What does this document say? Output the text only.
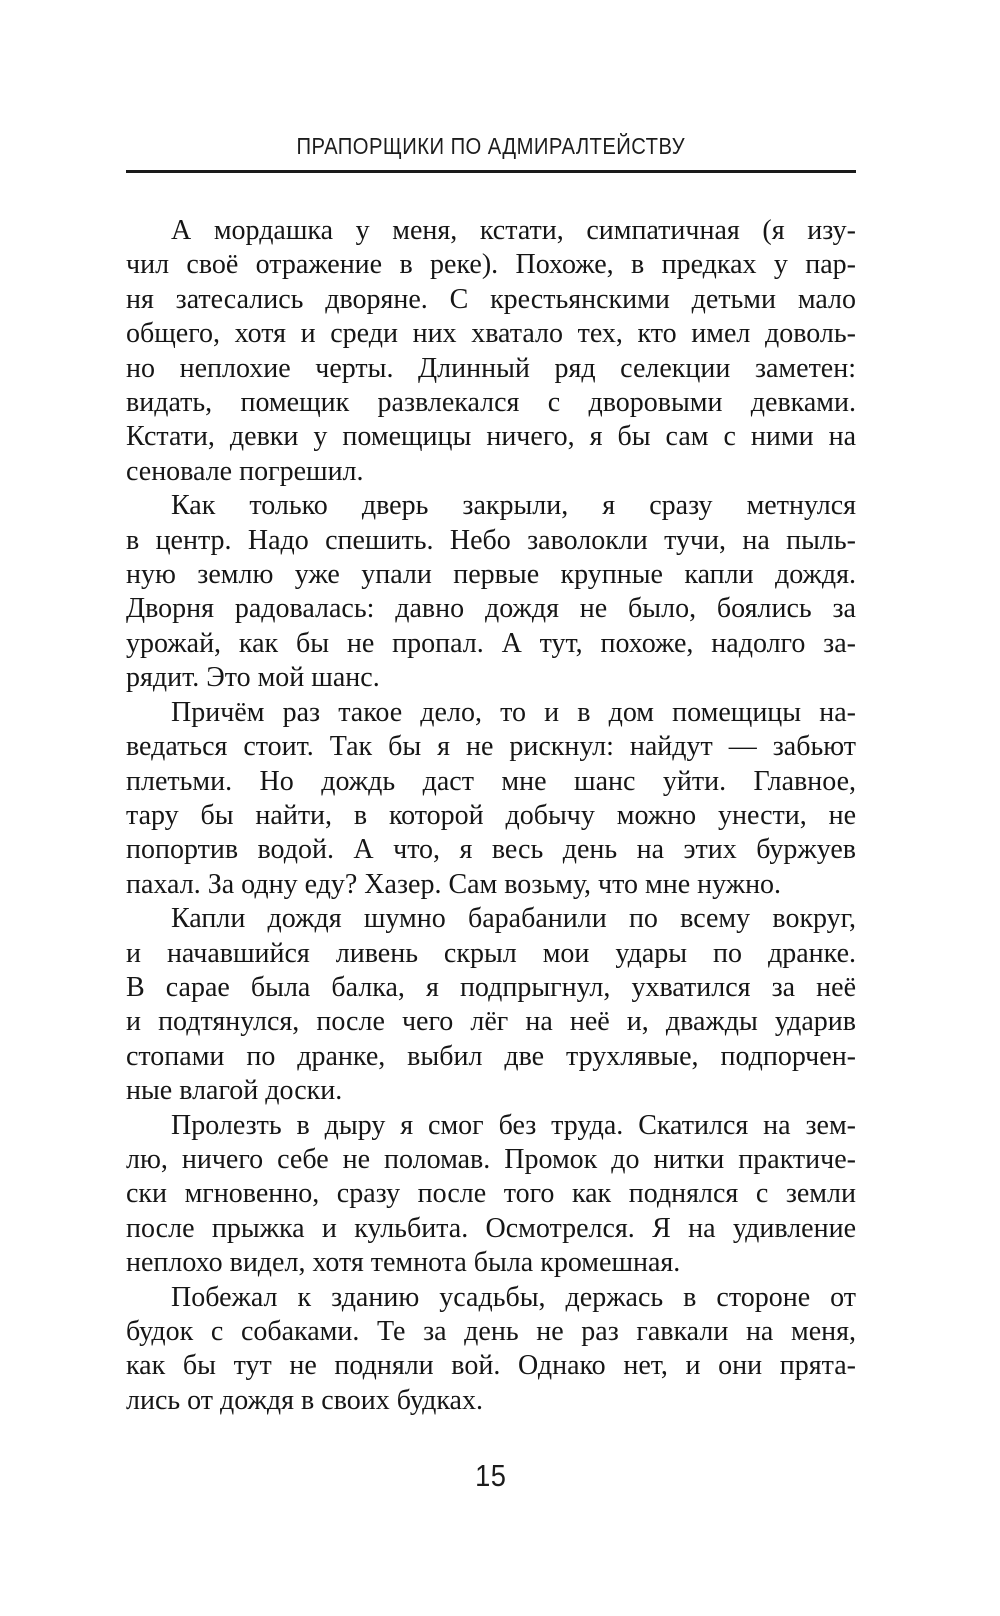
ПРАПОРЩИКИ ПО АДМИРАЛТЕЙСТВУ
А мордашка у меня, кстати, симпатичная (я изу-
чил своё отражение в реке). Похоже, в предках у пар-
ня затесались дворяне. С крестьянскими детьми мало
общего, хотя и среди них хватало тех, кто имел доволь-
но неплохие черты. Длинный ряд селекции заметен:
видать, помещик развлекался с дворовыми девками.
Кстати, девки у помещицы ничего, я бы сам с ними на
сеновале погрешил.
Как только дверь закрыли, я сразу метнулся
в центр. Надо спешить. Небо заволокли тучи, на пыль-
ную землю уже упали первые крупные капли дождя.
Дворня радовалась: давно дождя не было, боялись за
урожай, как бы не пропал. А тут, похоже, надолго за-
рядит. Это мой шанс.
Причём раз такое дело, то и в дом помещицы на-
ведаться стоит. Так бы я не рискнул: найдут — забьют
плетьми. Но дождь даст мне шанс уйти. Главное,
тару бы найти, в которой добычу можно унести, не
попортив водой. А что, я весь день на этих буржуев
пахал. За одну еду? Хазер. Сам возьму, что мне нужно.
Капли дождя шумно барабанили по всему вокруг,
и начавшийся ливень скрыл мои удары по дранке.
В сарае была балка, я подпрыгнул, ухватился за неё
и подтянулся, после чего лёг на неё и, дважды ударив
стопами по дранке, выбил две трухлявые, подпорчен-
ные влагой доски.
Пролезть в дыру я смог без труда. Скатился на зем-
лю, ничего себе не поломав. Промок до нитки практиче-
ски мгновенно, сразу после того как поднялся с земли
после прыжка и кульбита. Осмотрелся. Я на удивление
неплохо видел, хотя темнота была кромешная.
Побежал к зданию усадьбы, держась в стороне от
будок с собаками. Те за день не раз гавкали на меня,
как бы тут не подняли вой. Однако нет, и они прята-
лись от дождя в своих будках.
15
